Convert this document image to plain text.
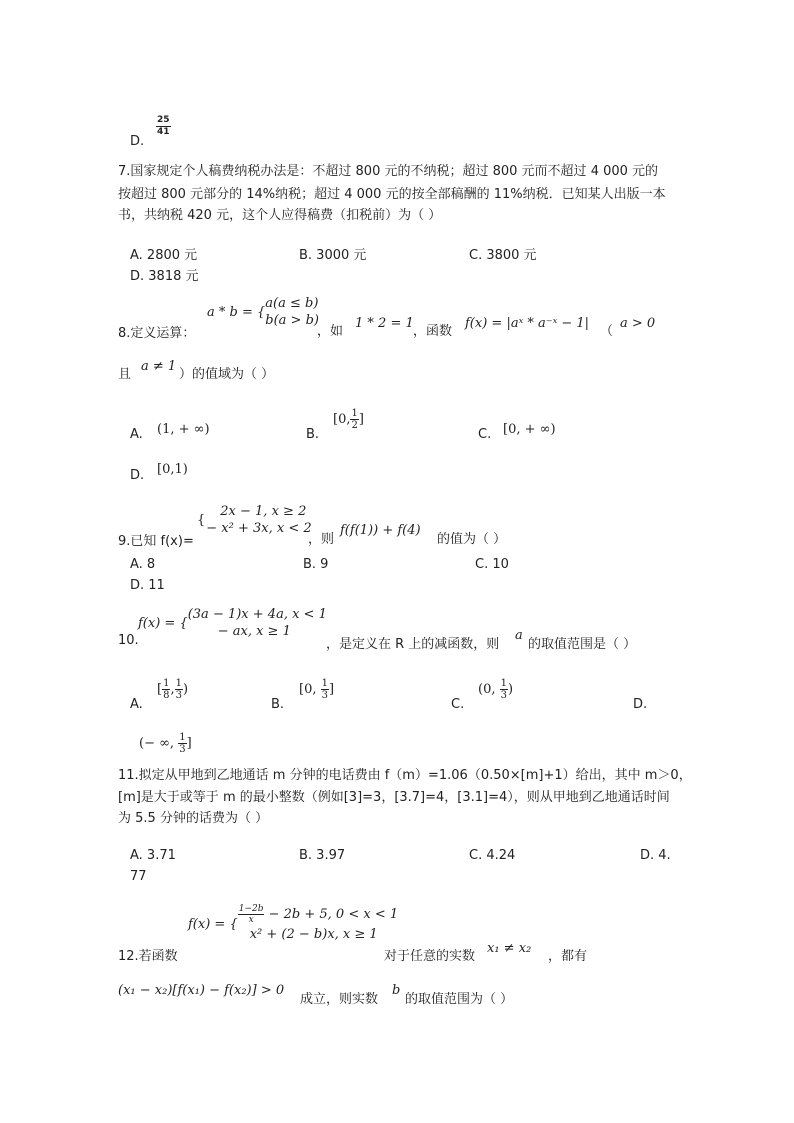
D.
$\frac{25}{41}$
7.国家规定个人稿费纳税办法是：不超过 800 元的不纳税；超过 800 元而不超过 4 000 元的
按超过 800 元部分的 14%纳税；超过 4 000 元的按全部稿酬的 11%纳税．已知某人出版一本
书，共纳税 420 元，这个人应得稿费（扣税前）为（ ）
A. 2800 元	B. 3000 元	C. 3800 元
D. 3818 元
8.定义运算：
a * b = {
a(a ≤ b)
b(a > b)
，如
1 * 2 = 1
，函数
f(x) = |aˣ * a⁻ˣ − 1|
（
a > 0
且
a ≠ 1
）的值域为（ ）
A. (1, + ∞)	B.
[0, $\frac{1}{2}$ ]
C. [0, + ∞)
D. [0,1)
9.已知 f(x)=
{
2x − 1, x ≥ 2
− x² + 3x, x < 2
，则
f(f(1)) + f(4)
的值为（ ）
A. 8	B. 9	C. 10
D. 11
10.
f(x) = {
(3a − 1)x + 4a, x < 1
− ax, x ≥ 1
，是定义在 R 上的减函数，则
a
的取值范围是（ ）
A.
[ $\frac{1}{8}$ , $\frac{1}{3}$ )
B.
[0, $\frac{1}{3}$ ]
C.
(0, $\frac{1}{3}$ )
D.
(− ∞, $\frac{1}{3}$ ]
11.拟定从甲地到乙地通话 m 分钟的电话费由 f（m）=1.06（0.50×[m]+1）给出，其中 m＞0，
[m]是大于或等于 m 的最小整数（例如[3]=3，[3.7]=4，[3.1]=4），则从甲地到乙地通话时间
为 5.5 分钟的话费为（ ）
A. 3.71	B. 3.97	C. 4.24	D. 4.
77
12.若函数
f(x) = { $\frac{1-2b}{x} - 2b + 5$, 0 < x < 1
x² + (2 − b)x, x ≥ 1
对于任意的实数
x₁ ≠ x₂
，都有
(x₁ − x₂)[f(x₁) − f(x₂)] > 0
成立，则实数
b
的取值范围为（ ）
